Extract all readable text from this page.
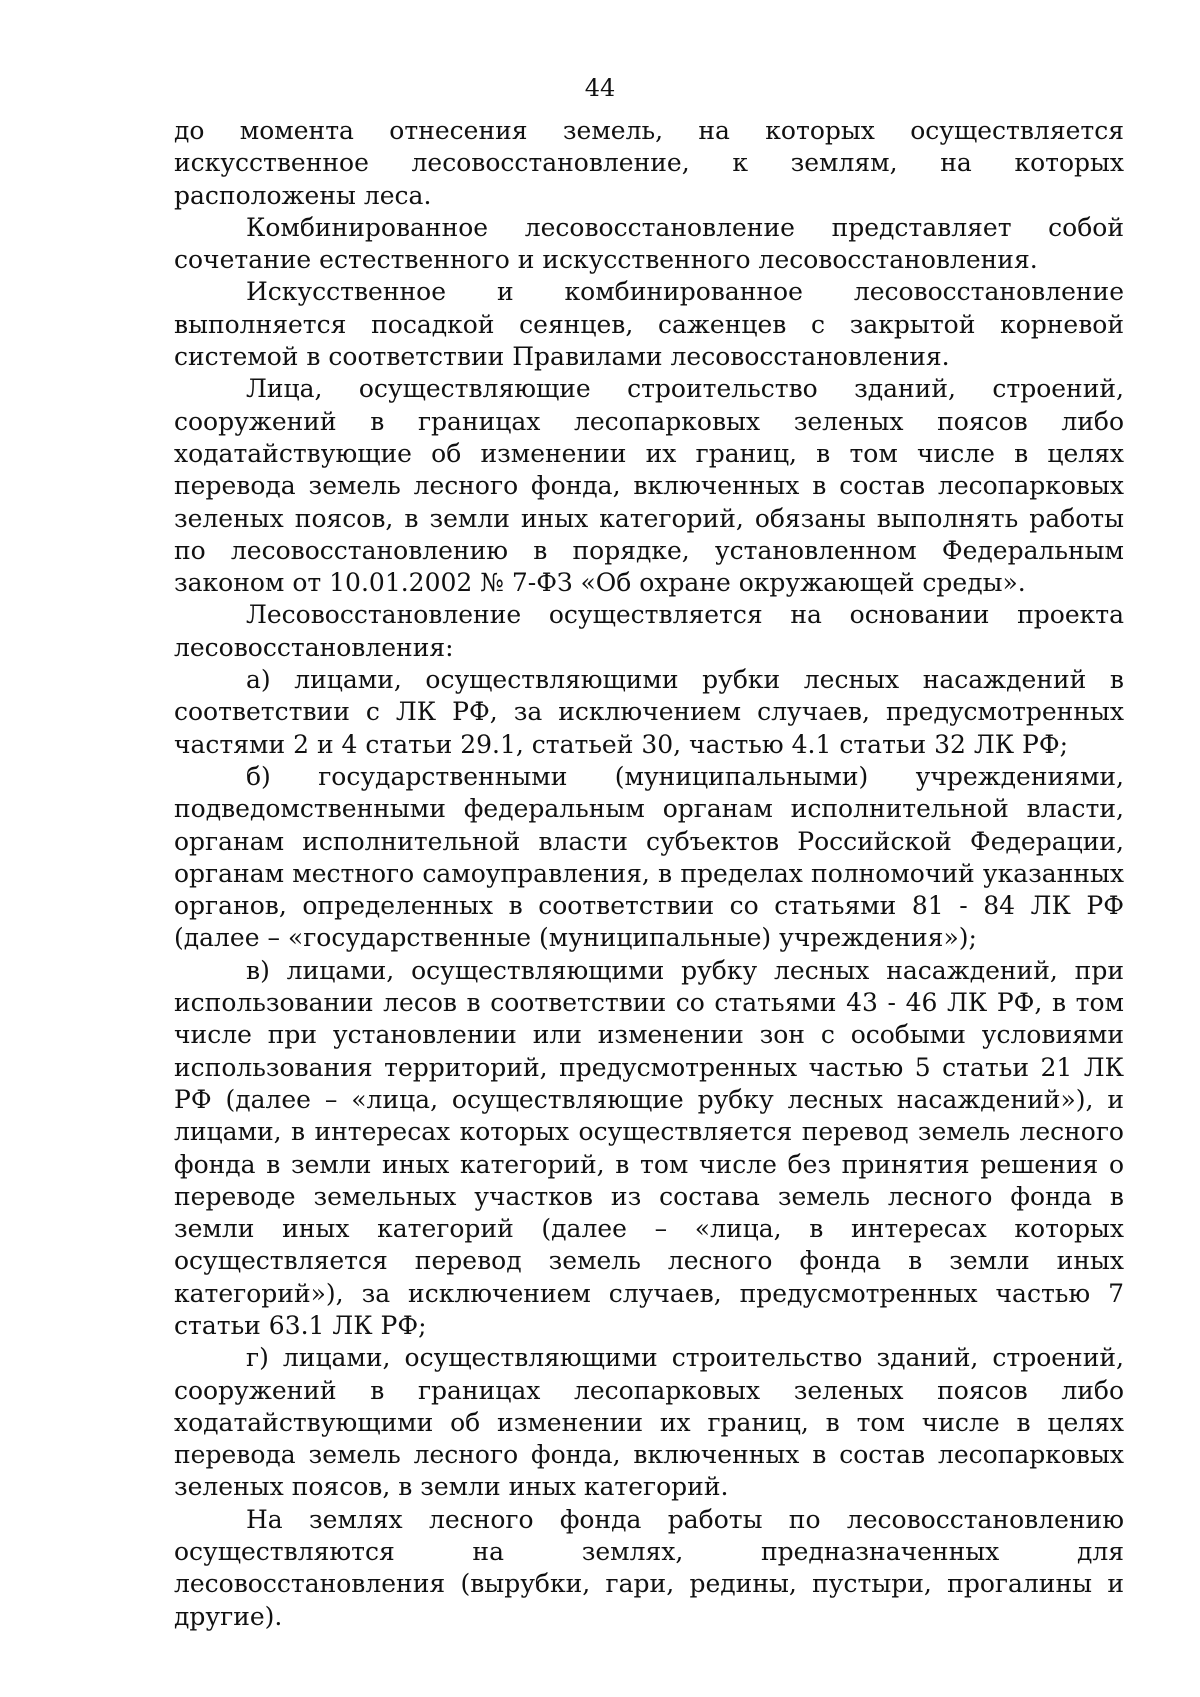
44

до момента отнесения земель, на которых осуществляется искусственное лесовосстановление, к землям, на которых расположены леса.

Комбинированное лесовосстановление представляет собой сочетание естественного и искусственного лесовосстановления.

Искусственное и комбинированное лесовосстановление выполняется посадкой сеянцев, саженцев с закрытой корневой системой в соответствии Правилами лесовосстановления.

Лица, осуществляющие строительство зданий, строений, сооружений в границах лесопарковых зеленых поясов либо ходатайствующие об изменении их границ, в том числе в целях перевода земель лесного фонда, включенных в состав лесопарковых зеленых поясов, в земли иных категорий, обязаны выполнять работы по лесовосстановлению в порядке, установленном Федеральным законом от 10.01.2002 № 7-ФЗ «Об охране окружающей среды».

Лесовосстановление осуществляется на основании проекта лесовосстановления:

а) лицами, осуществляющими рубки лесных насаждений в соответствии с ЛК РФ, за исключением случаев, предусмотренных частями 2 и 4 статьи 29.1, статьей 30, частью 4.1 статьи 32 ЛК РФ;

б) государственными (муниципальными) учреждениями, подведомственными федеральным органам исполнительной власти, органам исполнительной власти субъектов Российской Федерации, органам местного самоуправления, в пределах полномочий указанных органов, определенных в соответствии со статьями 81 - 84 ЛК РФ (далее – «государственные (муниципальные) учреждения»);

в) лицами, осуществляющими рубку лесных насаждений, при использовании лесов в соответствии со статьями 43 - 46 ЛК РФ, в том числе при установлении или изменении зон с особыми условиями использования территорий, предусмотренных частью 5 статьи 21 ЛК РФ (далее – «лица, осуществляющие рубку лесных насаждений»), и лицами, в интересах которых осуществляется перевод земель лесного фонда в земли иных категорий, в том числе без принятия решения о переводе земельных участков из состава земель лесного фонда в земли иных категорий (далее – «лица, в интересах которых осуществляется перевод земель лесного фонда в земли иных категорий»), за исключением случаев, предусмотренных частью 7 статьи 63.1 ЛК РФ;

г) лицами, осуществляющими строительство зданий, строений, сооружений в границах лесопарковых зеленых поясов либо ходатайствующими об изменении их границ, в том числе в целях перевода земель лесного фонда, включенных в состав лесопарковых зеленых поясов, в земли иных категорий.

На землях лесного фонда работы по лесовосстановлению осуществляются на землях, предназначенных для лесовосстановления (вырубки, гари, редины, пустыри, прогалины и другие).
